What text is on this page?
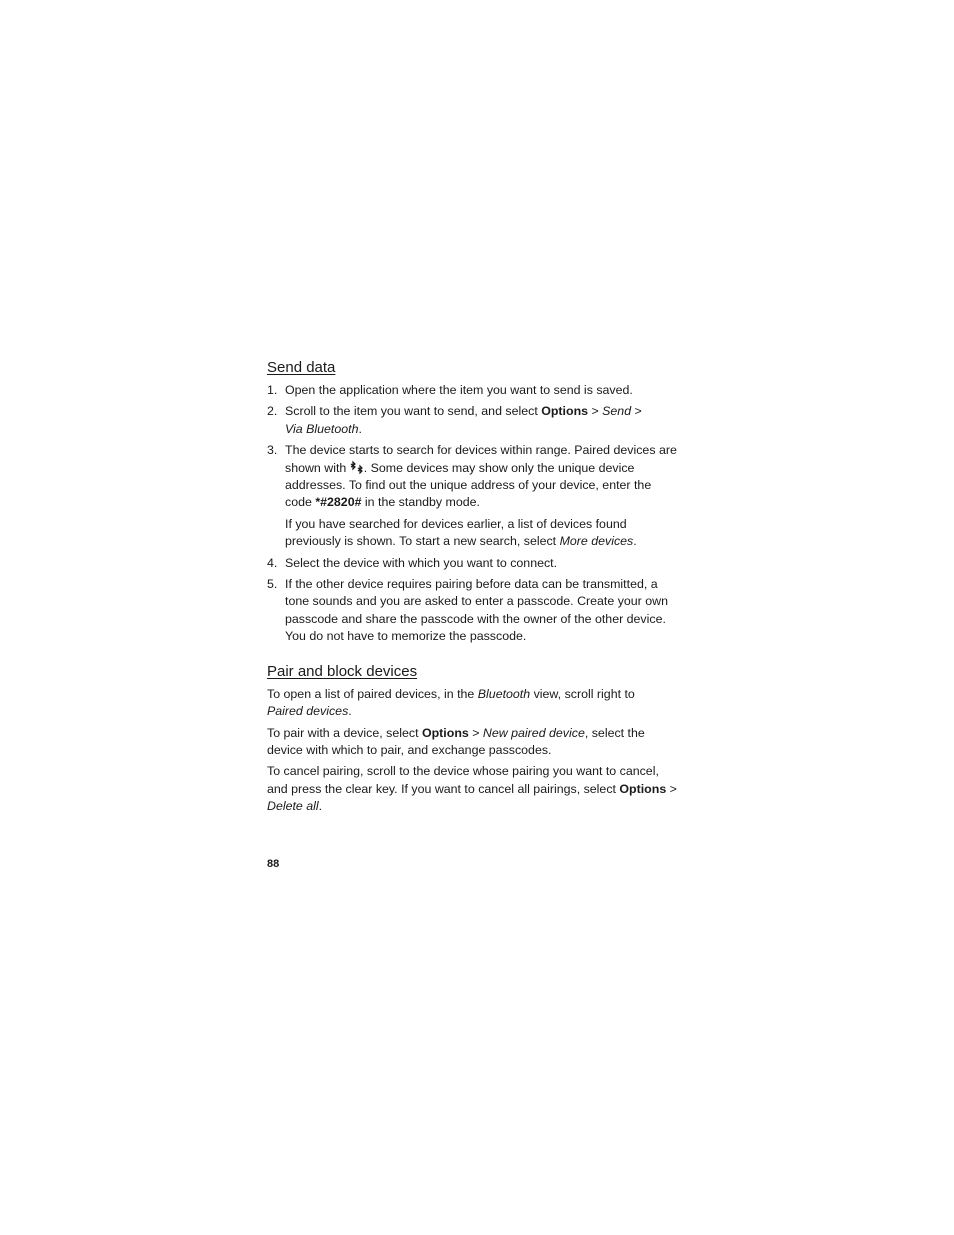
Send data
1. Open the application where the item you want to send is saved.
2. Scroll to the item you want to send, and select Options > Send >
Via Bluetooth.
3. The device starts to search for devices within range. Paired devices are shown with . Some devices may show only the unique device addresses. To find out the unique address of your device, enter the code *#2820# in the standby mode.
If you have searched for devices earlier, a list of devices found previously is shown. To start a new search, select More devices.
4. Select the device with which you want to connect.
5. If the other device requires pairing before data can be transmitted, a tone sounds and you are asked to enter a passcode. Create your own passcode and share the passcode with the owner of the other device. You do not have to memorize the passcode.
Pair and block devices

To open a list of paired devices, in the Bluetooth view, scroll right to
Paired devices.

To pair with a device, select Options > New paired device, select the device with which to pair, and exchange passcodes.

To cancel pairing, scroll to the device whose pairing you want to cancel, and press the clear key. If you want to cancel all pairings, select Options >
Delete all.

88
